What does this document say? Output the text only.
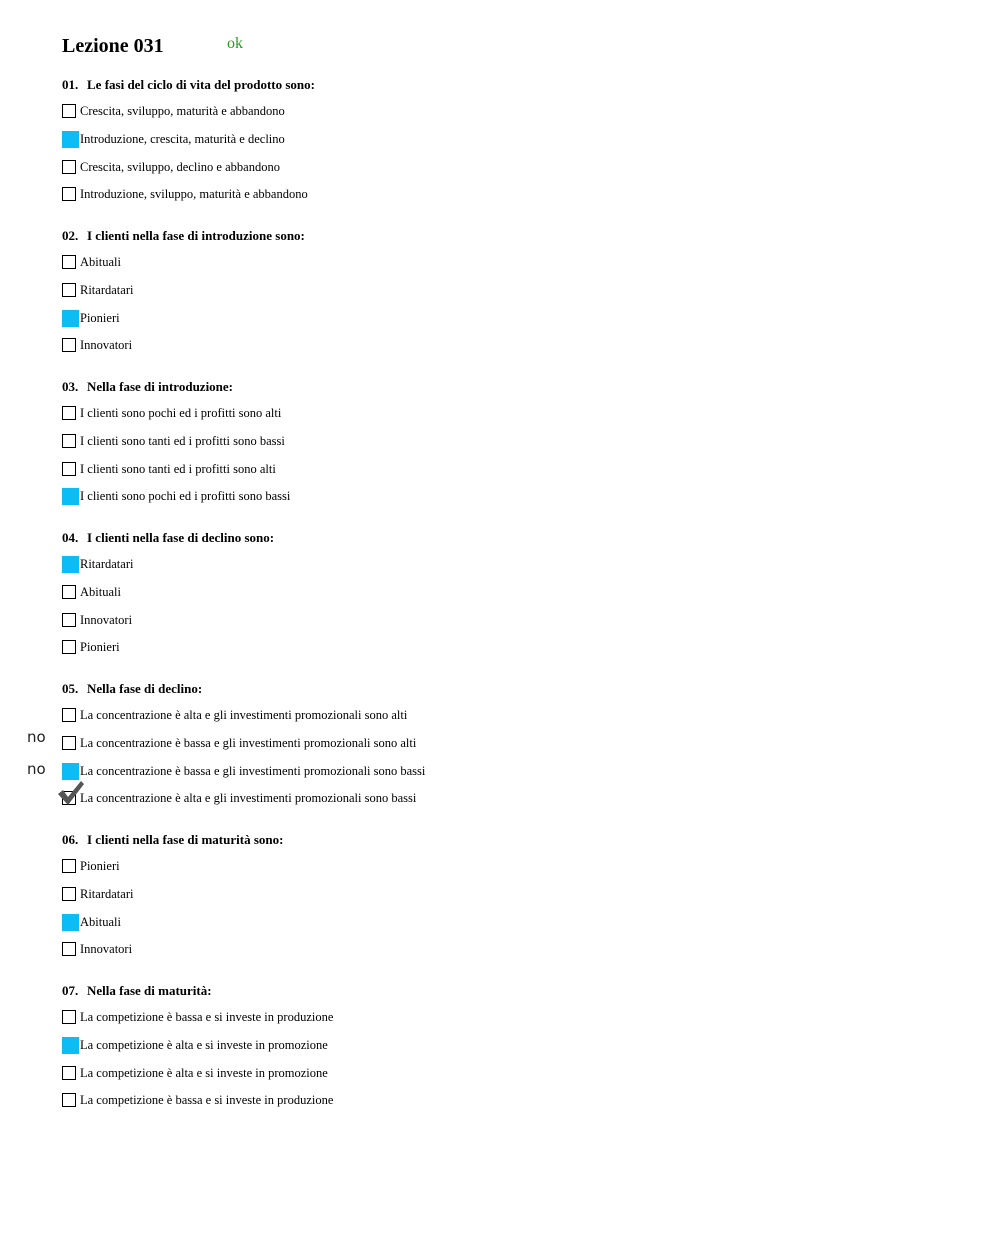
Lezione 031	ok
01. Le fasi del ciclo di vita del prodotto sono:
Crescita, sviluppo, maturità e abbandono
Introduzione, crescita, maturità e declino
Crescita, sviluppo, declino e abbandono
Introduzione, sviluppo, maturità e abbandono
02. I clienti nella fase di introduzione sono:
Abituali
Ritardatari
Pionieri
Innovatori
03. Nella fase di introduzione:
I clienti sono pochi ed i profitti sono alti
I clienti sono tanti ed i profitti sono bassi
I clienti sono tanti ed i profitti sono alti
I clienti sono pochi ed i profitti sono bassi
04. I clienti nella fase di declino sono:
Ritardatari
Abituali
Innovatori
Pionieri
05. Nella fase di declino:
La concentrazione è alta e gli investimenti promozionali sono alti
La concentrazione è bassa e gli investimenti promozionali sono alti
La concentrazione è bassa e gli investimenti promozionali sono bassi
La concentrazione è alta e gli investimenti promozionali sono bassi
06. I clienti nella fase di maturità sono:
Pionieri
Ritardatari
Abituali
Innovatori
07. Nella fase di maturità:
La competizione è bassa e si investe in produzione
La competizione è alta e si investe in promozione
La competizione è alta e si investe in promozione
La competizione è bassa e si investe in produzione
no
no
